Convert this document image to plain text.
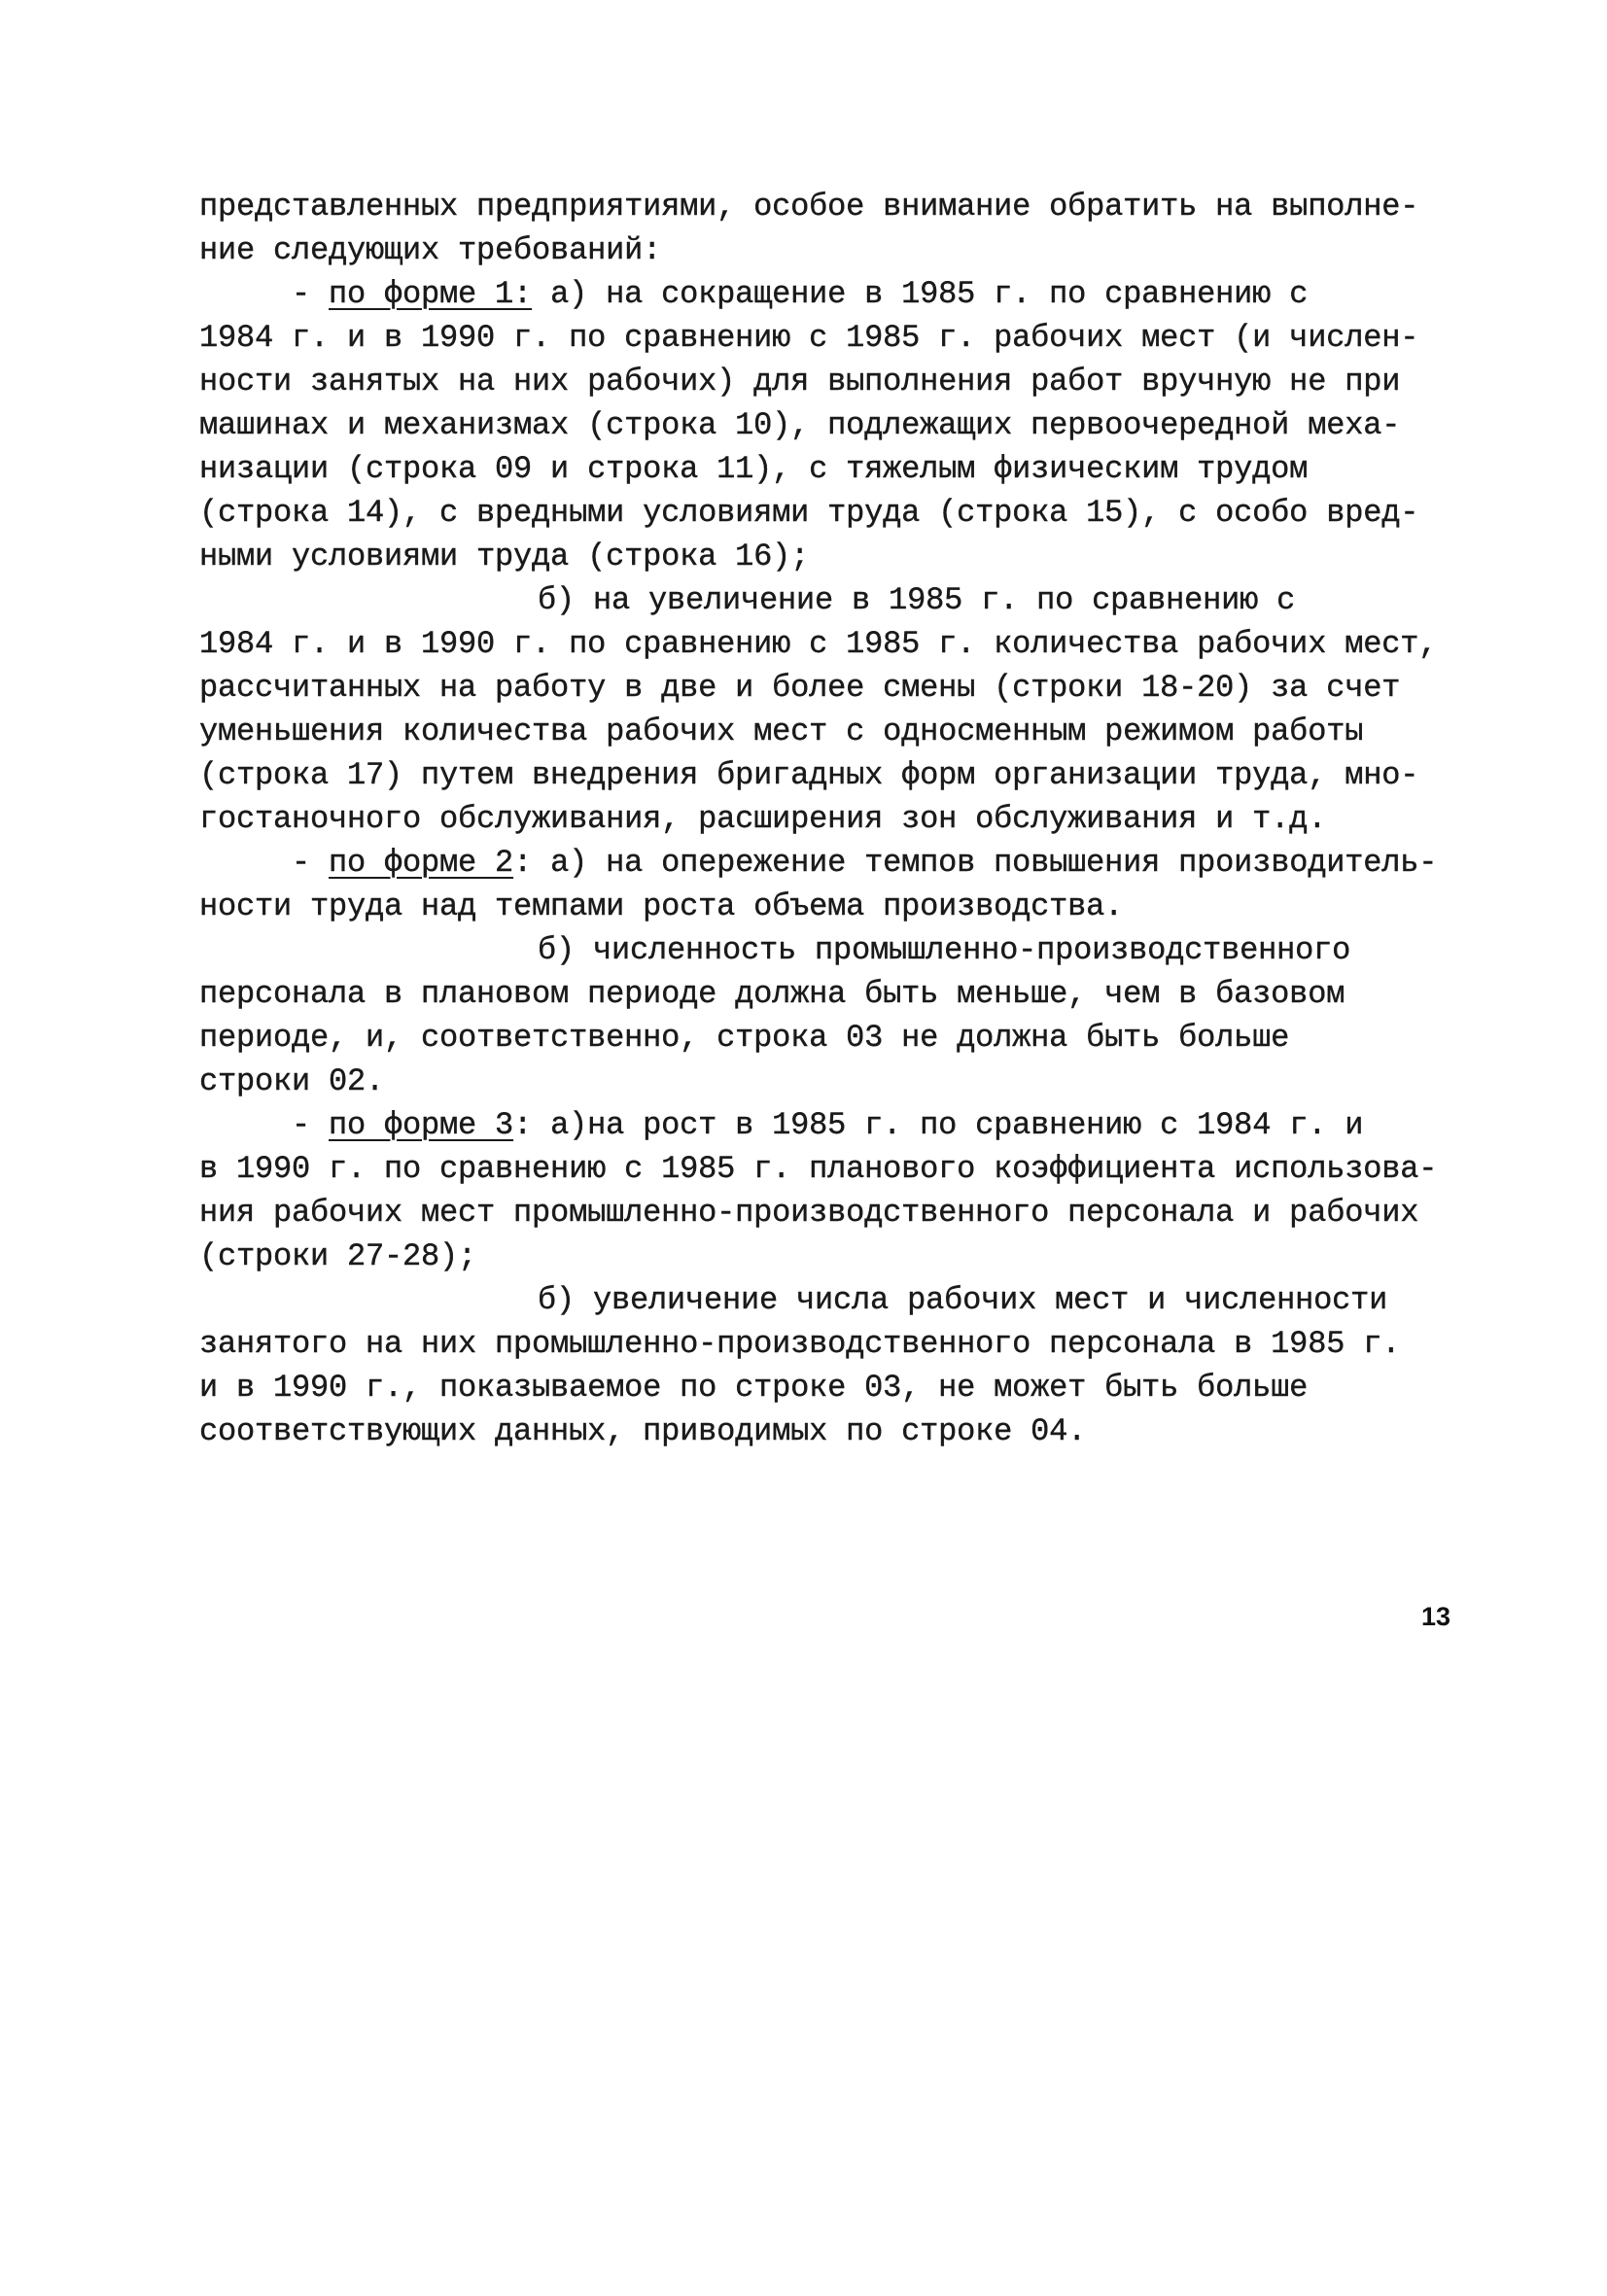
представленных предприятиями, особое внимание обратить на выполне-
ние следующих требований:
- по форме 1: а) на сокращение в 1985 г. по сравнению с
1984 г. и в 1990 г. по сравнению с 1985 г. рабочих мест (и числен-
ности занятых на них рабочих) для выполнения работ вручную не при
машинах и механизмах (строка 10), подлежащих первоочередной меха-
низации (строка 09 и строка 11), с тяжелым физическим трудом
(строка 14), с вредными условиями труда (строка 15), с особо вред-
ными условиями труда (строка 16);
б) на увеличение в 1985 г. по сравнению с
1984 г. и в 1990 г. по сравнению с 1985 г. количества рабочих мест,
рассчитанных на работу в две и более смены (строки 18-20) за счет
уменьшения количества рабочих мест с односменным режимом работы
(строка 17) путем внедрения бригадных форм организации труда, мно-
гостаночного обслуживания, расширения зон обслуживания и т.д.
- по форме 2: а) на опережение темпов повышения производитель-
ности труда над темпами роста объема производства.
б) численность промышленно-производственного
персонала в плановом периоде должна быть меньше, чем в базовом
периоде, и, соответственно, строка 03 не должна быть больше
строки 02.
- по форме 3: а)на рост в 1985 г. по сравнению с 1984 г. и
в 1990 г. по сравнению с 1985 г. планового коэффициента использова-
ния рабочих мест промышленно-производственного персонала и рабочих
(строки 27-28);
б) увеличение числа рабочих мест и численности
занятого на них промышленно-производственного персонала в 1985 г.
и в 1990 г., показываемое по строке 03, не может быть больше
соответствующих данных, приводимых по строке 04.
13
